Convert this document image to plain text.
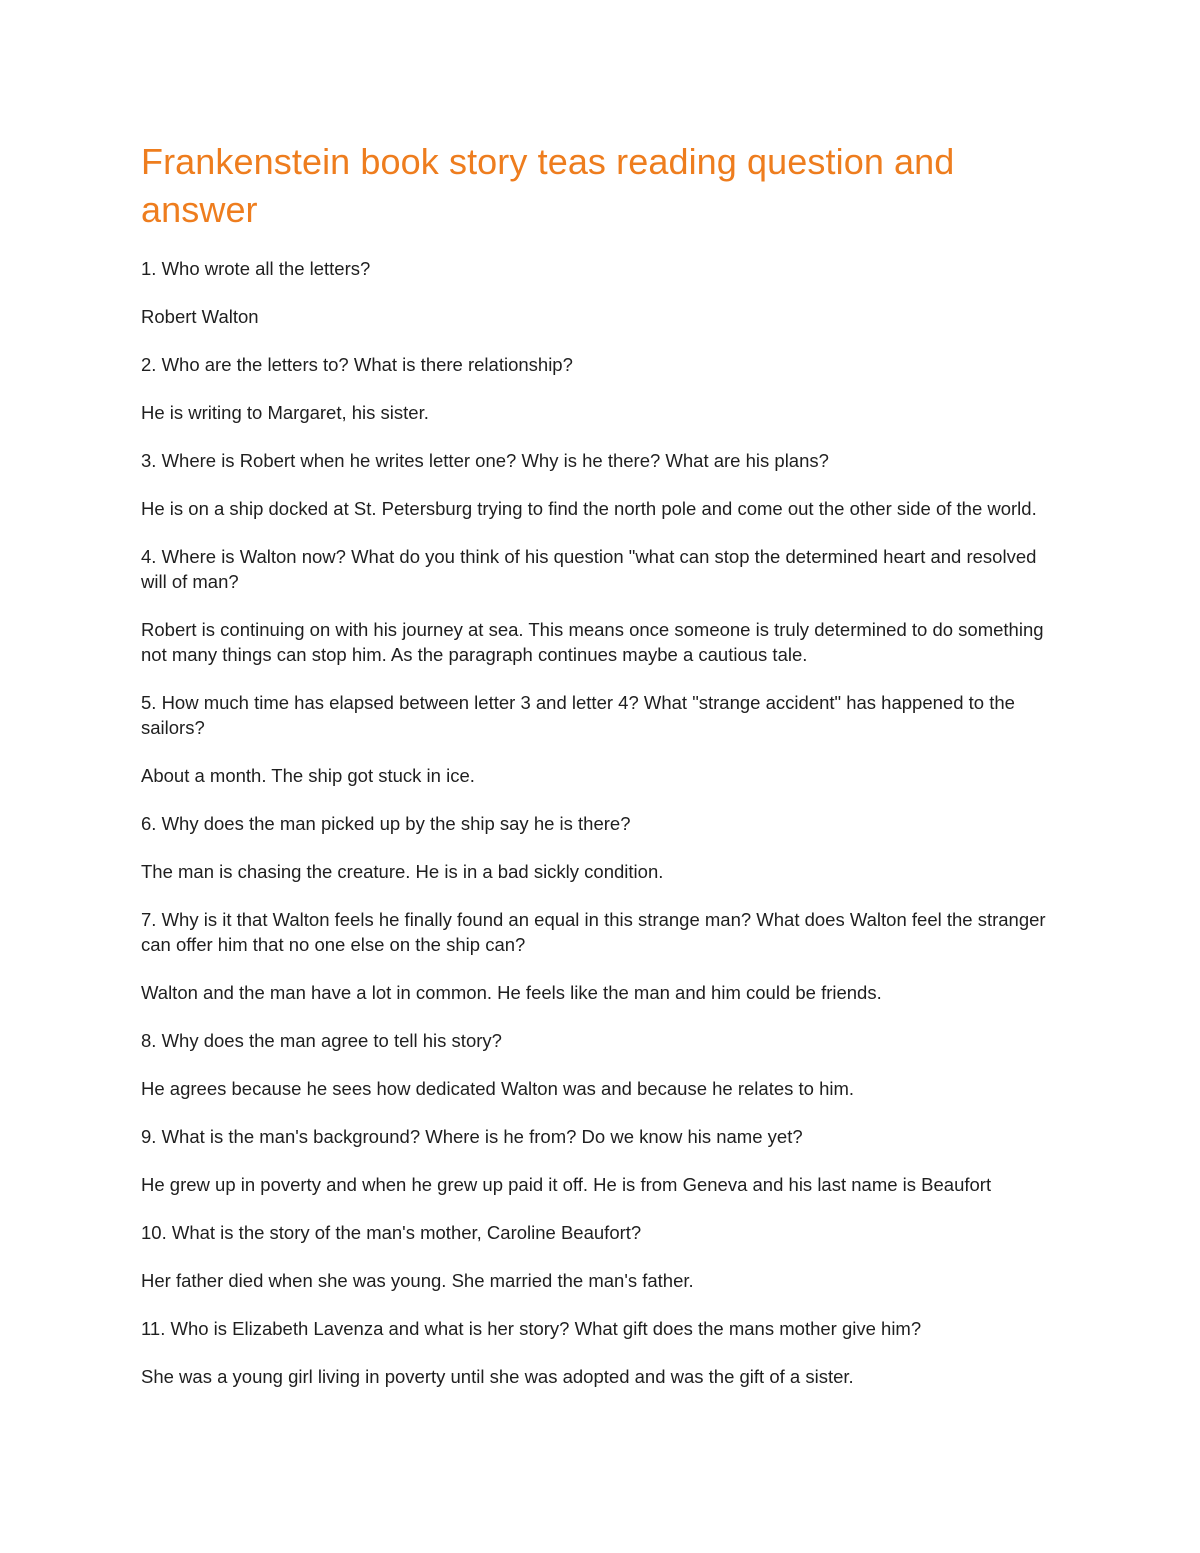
Frankenstein book story teas reading question and answer

1. Who wrote all the letters?

Robert Walton

2. Who are the letters to? What is there relationship?

He is writing to Margaret, his sister.

3. Where is Robert when he writes letter one? Why is he there? What are his plans?

He is on a ship docked at St. Petersburg trying to find the north pole and come out the other side of the world.

4. Where is Walton now? What do you think of his question "what can stop the determined heart and resolved will of man?

Robert is continuing on with his journey at sea. This means once someone is truly determined to do something not many things can stop him. As the paragraph continues maybe a cautious tale.

5. How much time has elapsed between letter 3 and letter 4? What "strange accident" has happened to the sailors?

About a month. The ship got stuck in ice.

6. Why does the man picked up by the ship say he is there?

The man is chasing the creature. He is in a bad sickly condition.

7. Why is it that Walton feels he finally found an equal in this strange man? What does Walton feel the stranger can offer him that no one else on the ship can?

Walton and the man have a lot in common. He feels like the man and him could be friends.

8. Why does the man agree to tell his story?

He agrees because he sees how dedicated Walton was and because he relates to him.

9. What is the man's background? Where is he from? Do we know his name yet?

He grew up in poverty and when he grew up paid it off. He is from Geneva and his last name is Beaufort

10. What is the story of the man's mother, Caroline Beaufort?

Her father died when she was young. She married the man's father.

11. Who is Elizabeth Lavenza and what is her story? What gift does the mans mother give him?

She was a young girl living in poverty until she was adopted and was the gift of a sister.
